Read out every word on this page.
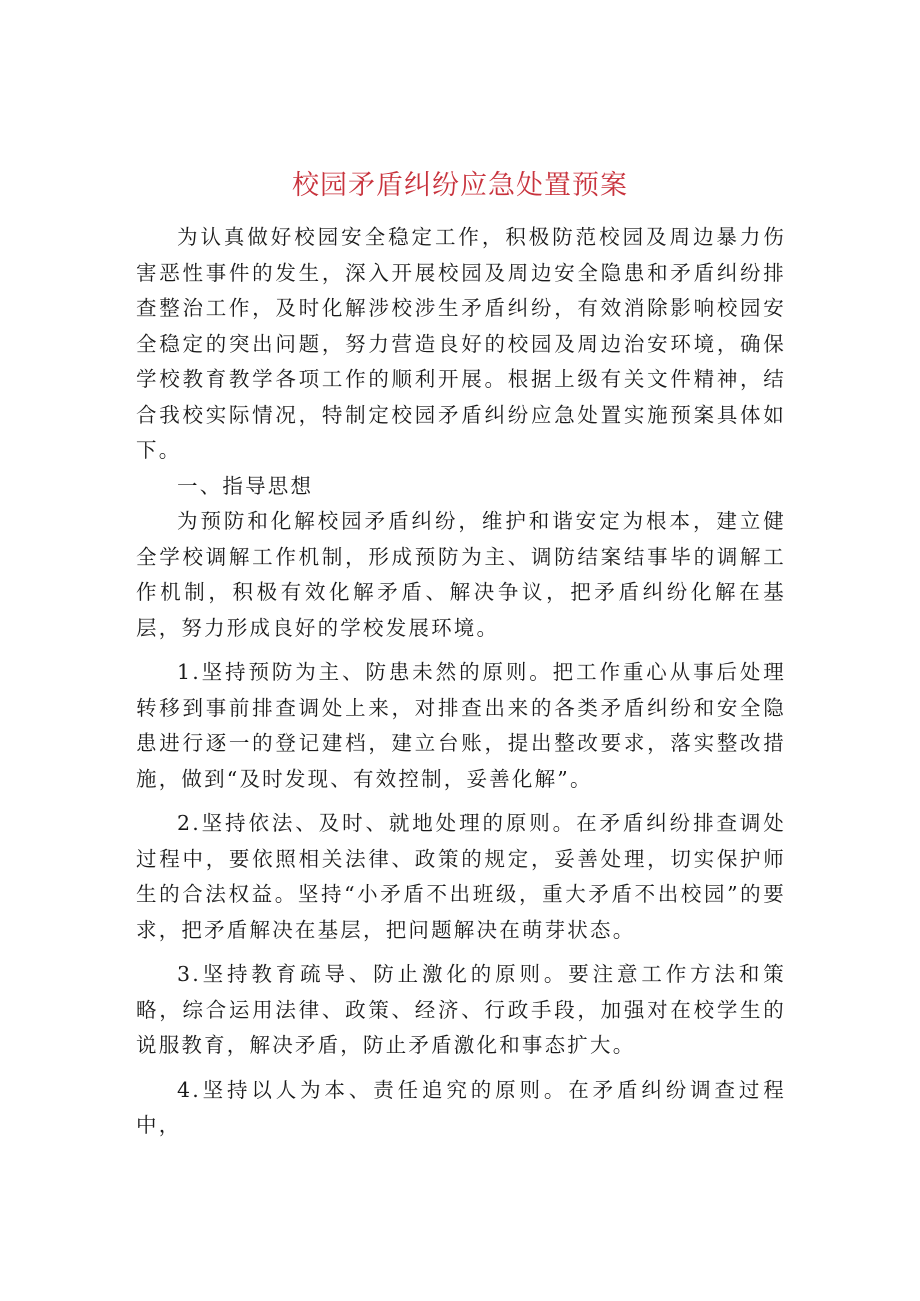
校园矛盾纠纷应急处置预案

为认真做好校园安全稳定工作，积极防范校园及周边暴力伤害恶性事件的发生，深入开展校园及周边安全隐患和矛盾纠纷排查整治工作，及时化解涉校涉生矛盾纠纷，有效消除影响校园安全稳定的突出问题，努力营造良好的校园及周边治安环境，确保学校教育教学各项工作的顺利开展。根据上级有关文件精神，结合我校实际情况，特制定校园矛盾纠纷应急处置实施预案具体如下。

一、指导思想

为预防和化解校园矛盾纠纷，维护和谐安定为根本，建立健全学校调解工作机制，形成预防为主、调防结案结事毕的调解工作机制，积极有效化解矛盾、解决争议，把矛盾纠纷化解在基层，努力形成良好的学校发展环境。

1.坚持预防为主、防患未然的原则。把工作重心从事后处理转移到事前排查调处上来，对排查出来的各类矛盾纠纷和安全隐患进行逐一的登记建档，建立台账，提出整改要求，落实整改措施，做到“及时发现、有效控制，妥善化解”。

2.坚持依法、及时、就地处理的原则。在矛盾纠纷排查调处过程中，要依照相关法律、政策的规定，妥善处理，切实保护师生的合法权益。坚持“小矛盾不出班级，重大矛盾不出校园”的要求，把矛盾解决在基层，把问题解决在萌芽状态。

3.坚持教育疏导、防止激化的原则。要注意工作方法和策略，综合运用法律、政策、经济、行政手段，加强对在校学生的说服教育，解决矛盾，防止矛盾激化和事态扩大。

4.坚持以人为本、责任追究的原则。在矛盾纠纷调查过程中，
